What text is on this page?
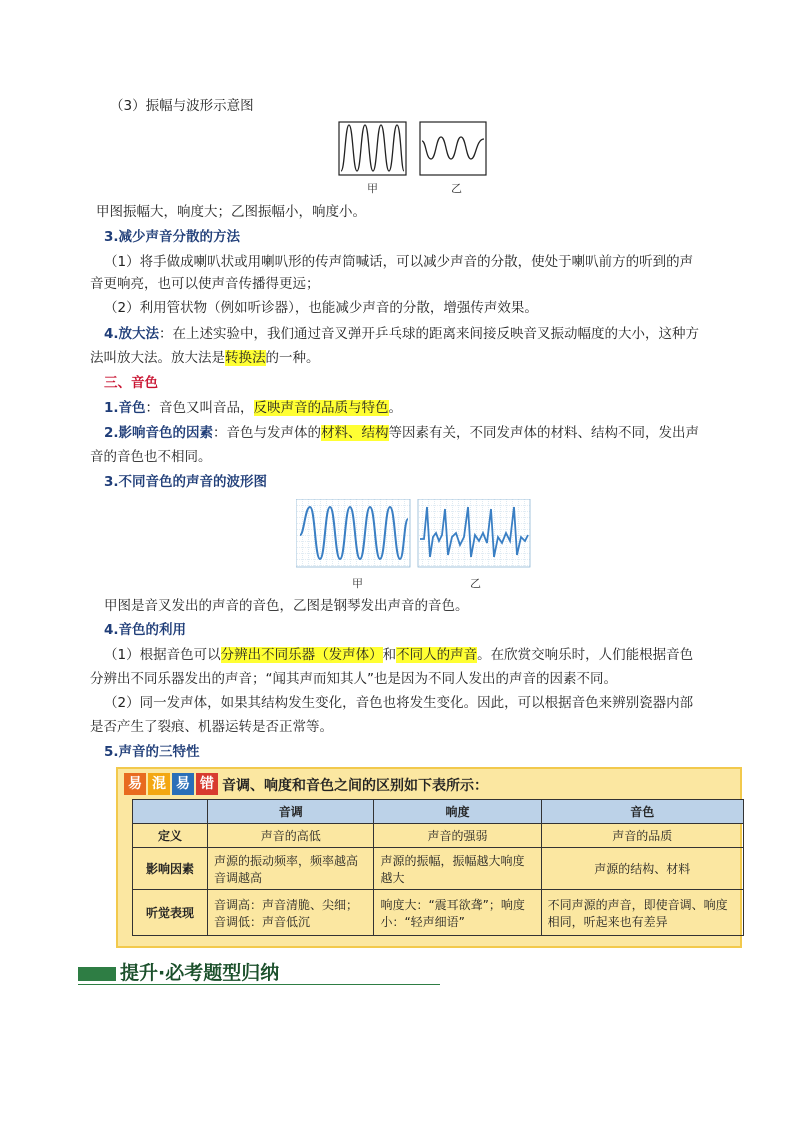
（3）振幅与波形示意图
甲	乙
甲图振幅大，响度大；乙图振幅小，响度小。
3.减少声音分散的方法
（1）将手做成喇叭状或用喇叭形的传声筒喊话，可以减少声音的分散，使处于喇叭前方的听到的声
音更响亮，也可以使声音传播得更远；
（2）利用管状物（例如听诊器），也能减少声音的分散，增强传声效果。
4.放大法：在上述实验中，我们通过音叉弹开乒乓球的距离来间接反映音叉振动幅度的大小，这种方
法叫放大法。放大法是转换法的一种。
三、音色
1.音色：音色又叫音品，反映声音的品质与特色。
2.影响音色的因素：音色与发声体的材料、结构等因素有关，不同发声体的材料、结构不同，发出声
音的音色也不相同。
3.不同音色的声音的波形图
甲	乙
甲图是音叉发出的声音的音色，乙图是钢琴发出声音的音色。
4.音色的利用
（1）根据音色可以分辨出不同乐器（发声体）和不同人的声音。在欣赏交响乐时，人们能根据音色
分辨出不同乐器发出的声音；“闻其声而知其人”也是因为不同人发出的声音的因素不同。
（2）同一发声体，如果其结构发生变化，音色也将发生变化。因此，可以根据音色来辨别瓷器内部
是否产生了裂痕、机器运转是否正常等。
5.声音的三特性
易 混 易 错 音调、响度和音色之间的区别如下表所示：
	音调	响度	音色
定义	声音的高低	声音的强弱	声音的品质
影响因素	声源的振动频率，频率越高音调越高	声源的振幅，振幅越大响度越大	声源的结构、材料
听觉表现	音调高：声音清脆、尖细；音调低：声音低沉	响度大：“震耳欲聋”；响度小：“轻声细语”	不同声源的声音，即使音调、响度相同，听起来也有差异
提升·必考题型归纳
